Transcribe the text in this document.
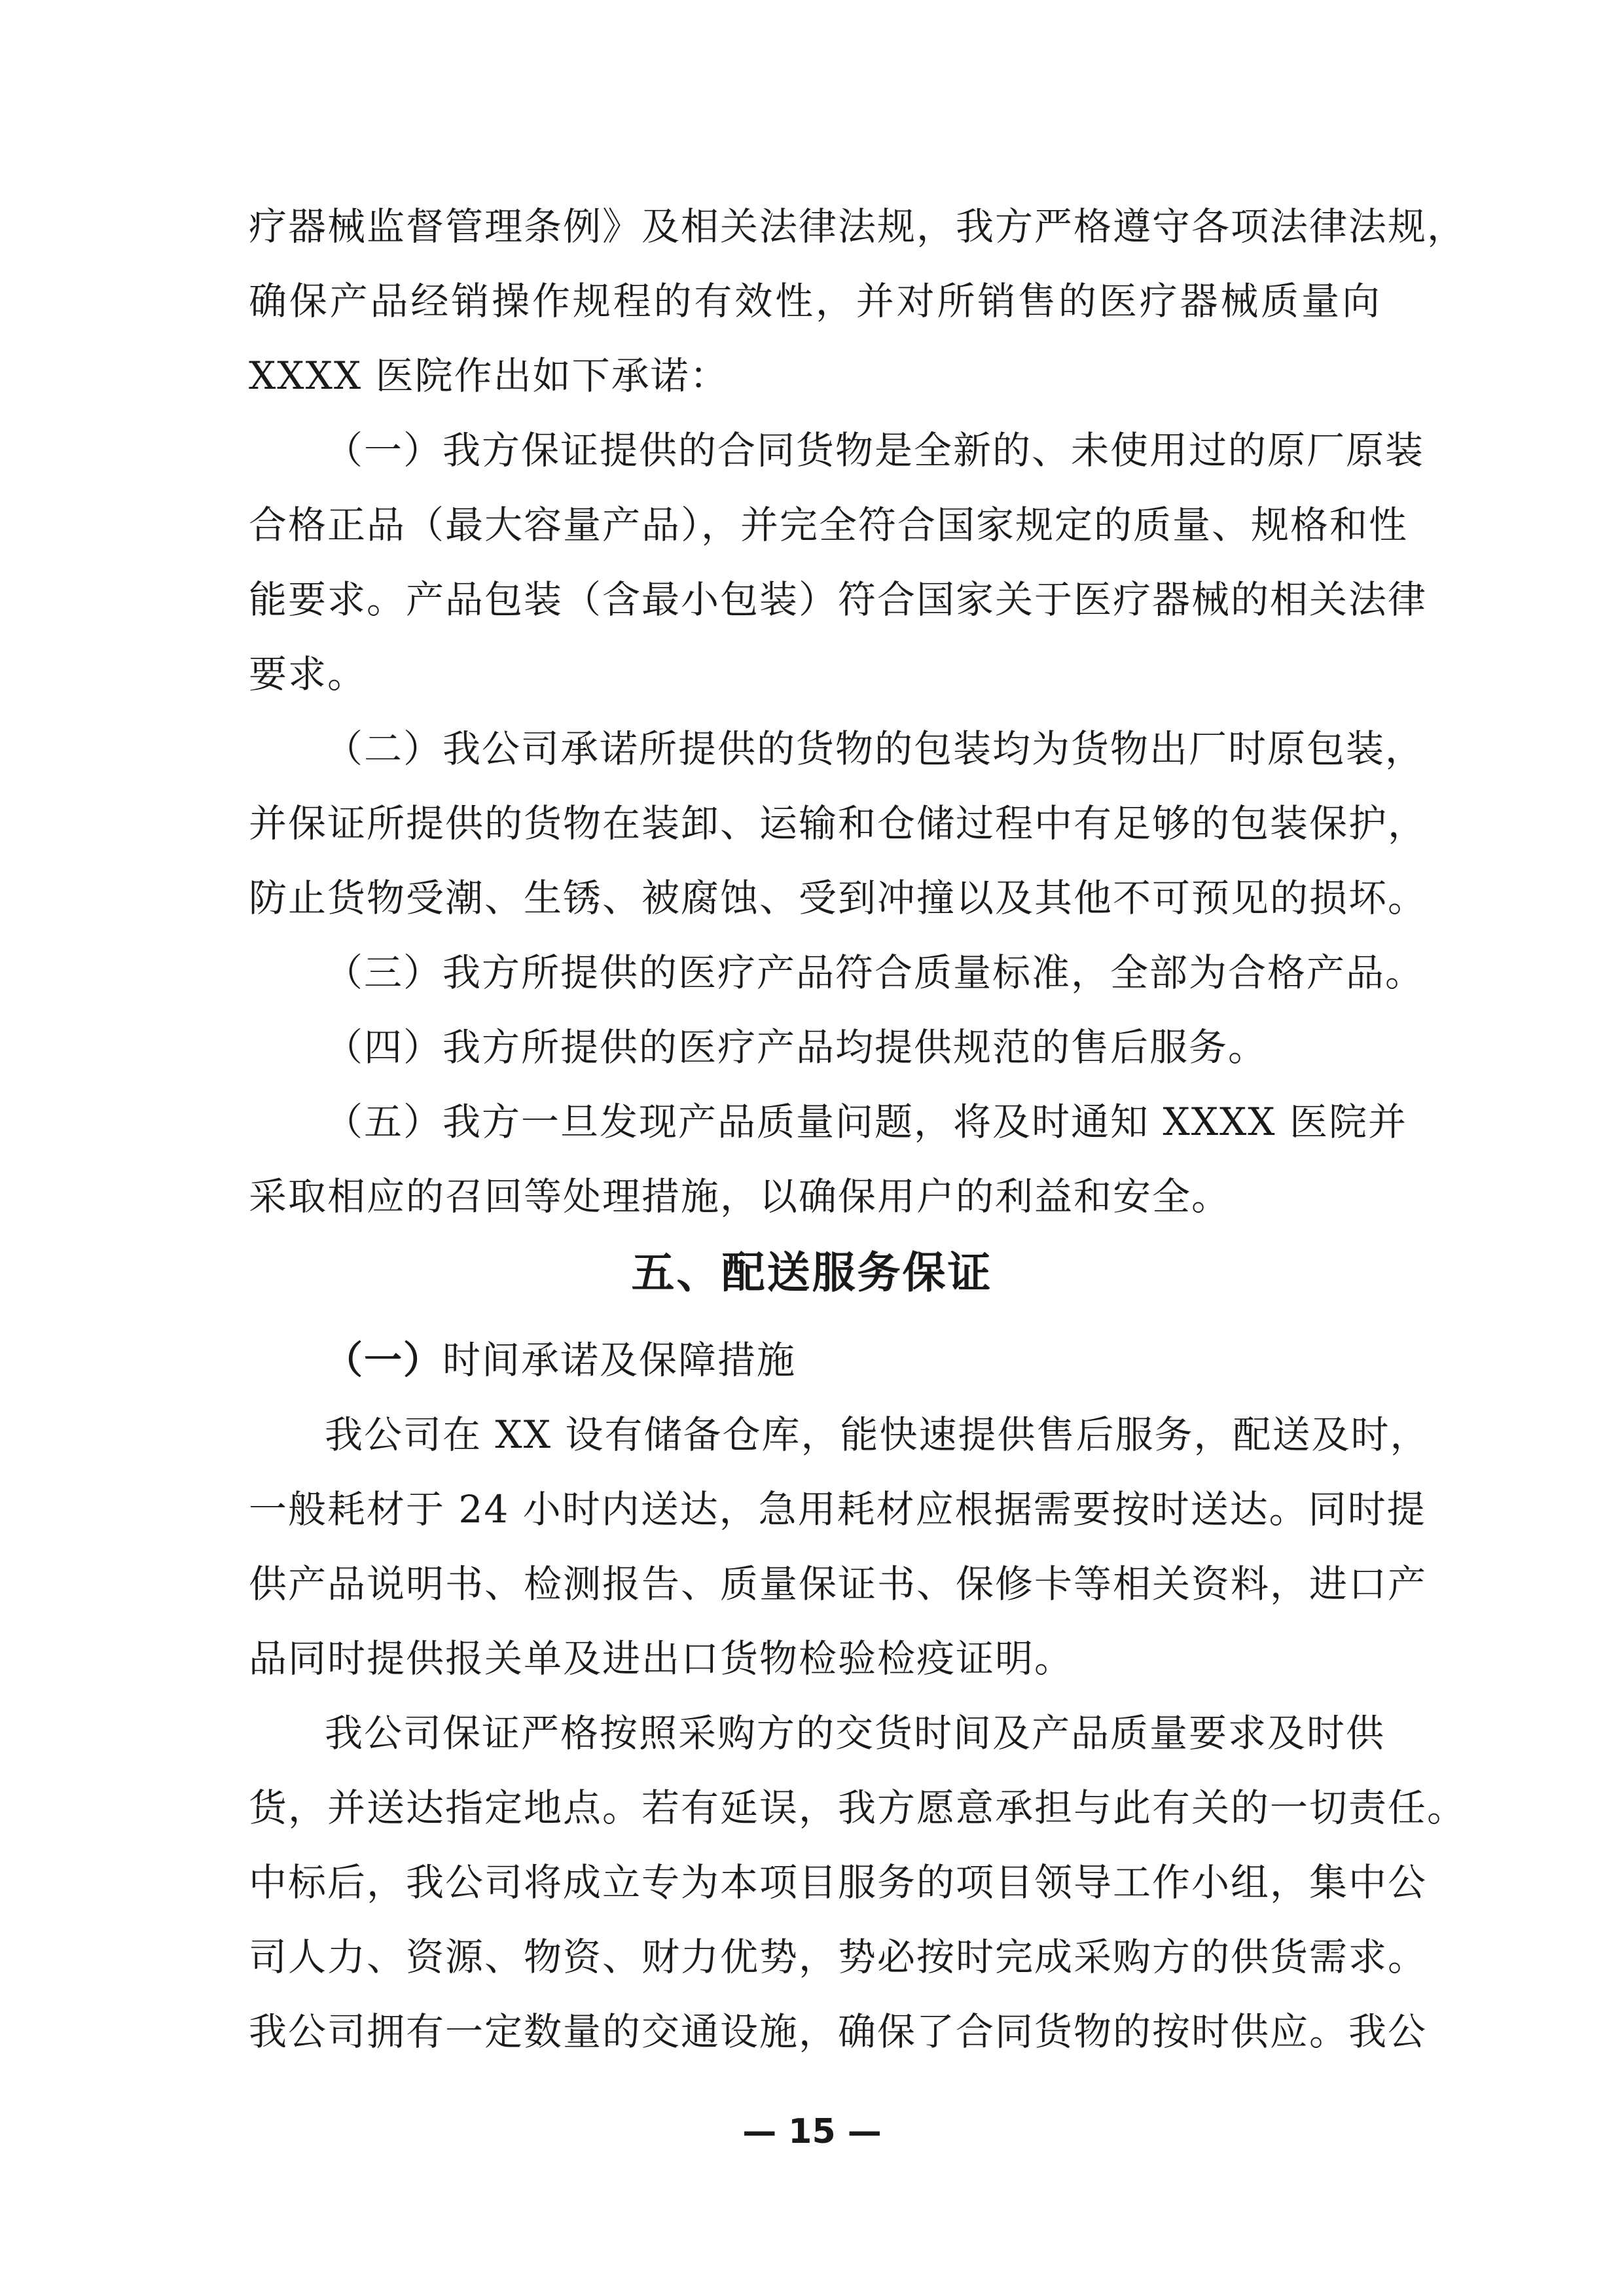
疗器械监督管理条例》及相关法律法规，我方严格遵守各项法律法规，
确保产品经销操作规程的有效性，并对所销售的医疗器械质量向
XXXX 医院作出如下承诺：
（一）我方保证提供的合同货物是全新的、未使用过的原厂原装
合格正品（最大容量产品），并完全符合国家规定的质量、规格和性
能要求。产品包装（含最小包装）符合国家关于医疗器械的相关法律
要求。
（二）我公司承诺所提供的货物的包装均为货物出厂时原包装，
并保证所提供的货物在装卸、运输和仓储过程中有足够的包装保护，
防止货物受潮、生锈、被腐蚀、受到冲撞以及其他不可预见的损坏。
（三）我方所提供的医疗产品符合质量标准，全部为合格产品。
（四）我方所提供的医疗产品均提供规范的售后服务。
（五）我方一旦发现产品质量问题，将及时通知 XXXX 医院并
采取相应的召回等处理措施，以确保用户的利益和安全。
五、配送服务保证
（一）时间承诺及保障措施
我公司在 XX 设有储备仓库，能快速提供售后服务，配送及时，
一般耗材于 24 小时内送达，急用耗材应根据需要按时送达。同时提
供产品说明书、检测报告、质量保证书、保修卡等相关资料，进口产
品同时提供报关单及进出口货物检验检疫证明。
我公司保证严格按照采购方的交货时间及产品质量要求及时供
货，并送达指定地点。若有延误，我方愿意承担与此有关的一切责任。
中标后，我公司将成立专为本项目服务的项目领导工作小组，集中公
司人力、资源、物资、财力优势，势必按时完成采购方的供货需求。
我公司拥有一定数量的交通设施，确保了合同货物的按时供应。我公
— 15 —
